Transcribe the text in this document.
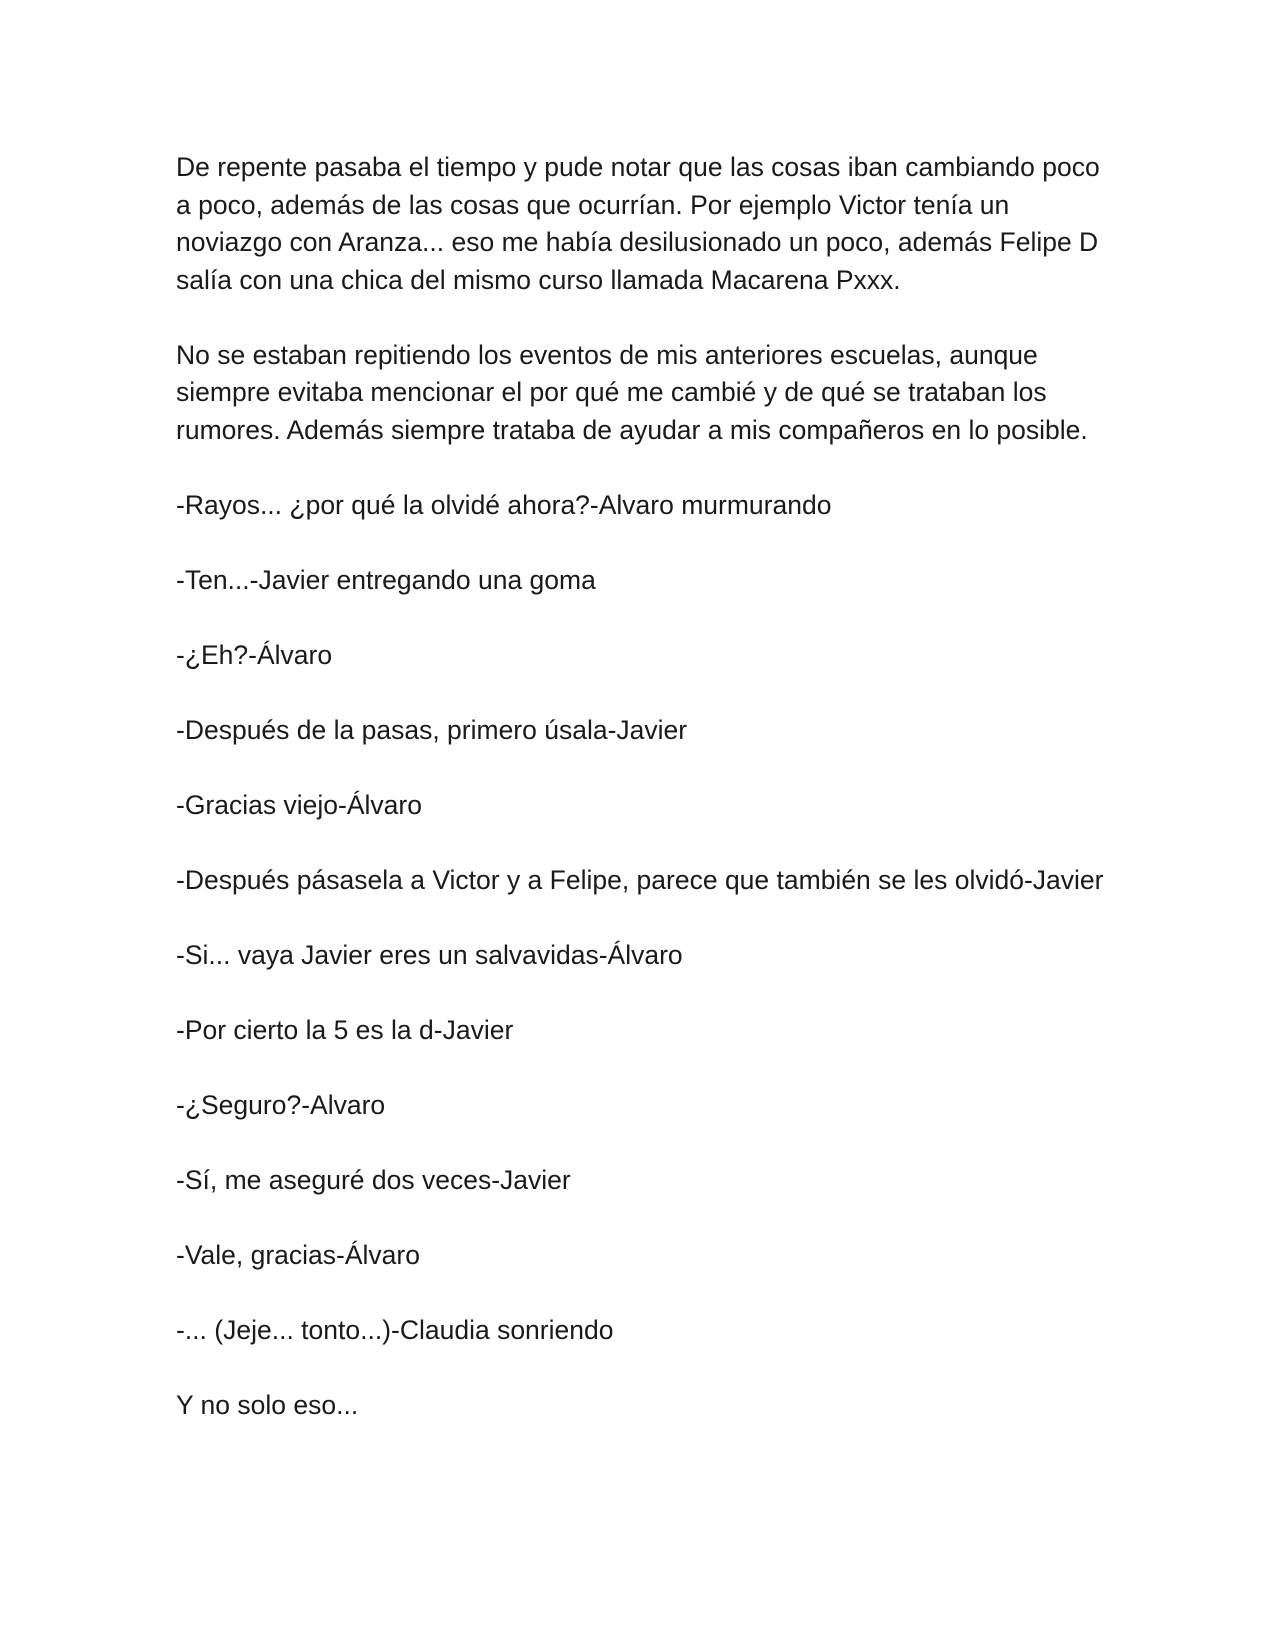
De repente pasaba el tiempo y pude notar que las cosas iban cambiando poco a poco, además de las cosas que ocurrían. Por ejemplo Victor tenía un noviazgo con Aranza... eso me había desilusionado un poco, además Felipe D salía con una chica del mismo curso llamada Macarena Pxxx.

No se estaban repitiendo los eventos de mis anteriores escuelas, aunque siempre evitaba mencionar el por qué me cambié y de qué se trataban los rumores. Además siempre trataba de ayudar a mis compañeros en lo posible.

-Rayos... ¿por qué la olvidé ahora?-Alvaro murmurando

-Ten...-Javier entregando una goma

-¿Eh?-Álvaro

-Después de la pasas, primero úsala-Javier

-Gracias viejo-Álvaro

-Después pásasela a Victor y a Felipe, parece que también se les olvidó-Javier

-Si... vaya Javier eres un salvavidas-Álvaro

-Por cierto la 5 es la d-Javier

-¿Seguro?-Alvaro

-Sí, me aseguré dos veces-Javier

-Vale, gracias-Álvaro

-... (Jeje... tonto...)-Claudia sonriendo

Y no solo eso...
